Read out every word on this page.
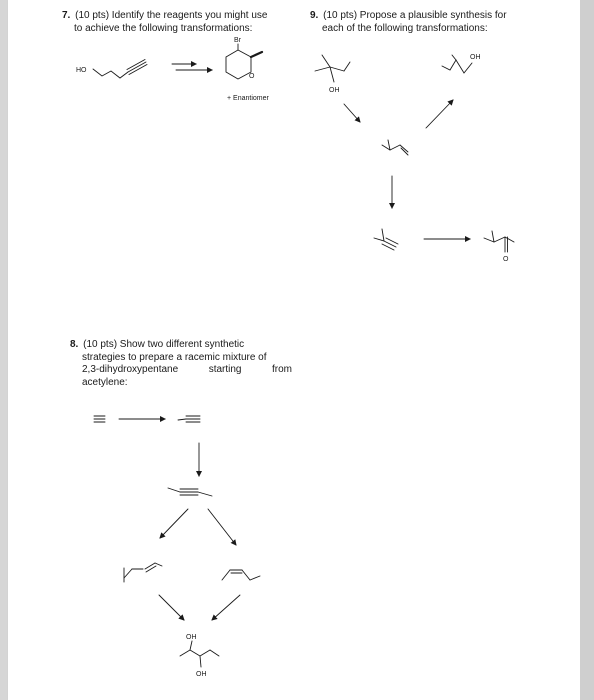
7. (10 pts) Identify the reagents you might use
to achieve the following transformations:
9. (10 pts) Propose a plausible synthesis for
each of the following transformations:
8. (10 pts) Show two different synthetic
strategies to prepare a racemic mixture of
2,3-dihydroxypentane	starting	from
acetylene:
HO
Br
O
+ Enantiomer
OH
OH
O
OH
OH
